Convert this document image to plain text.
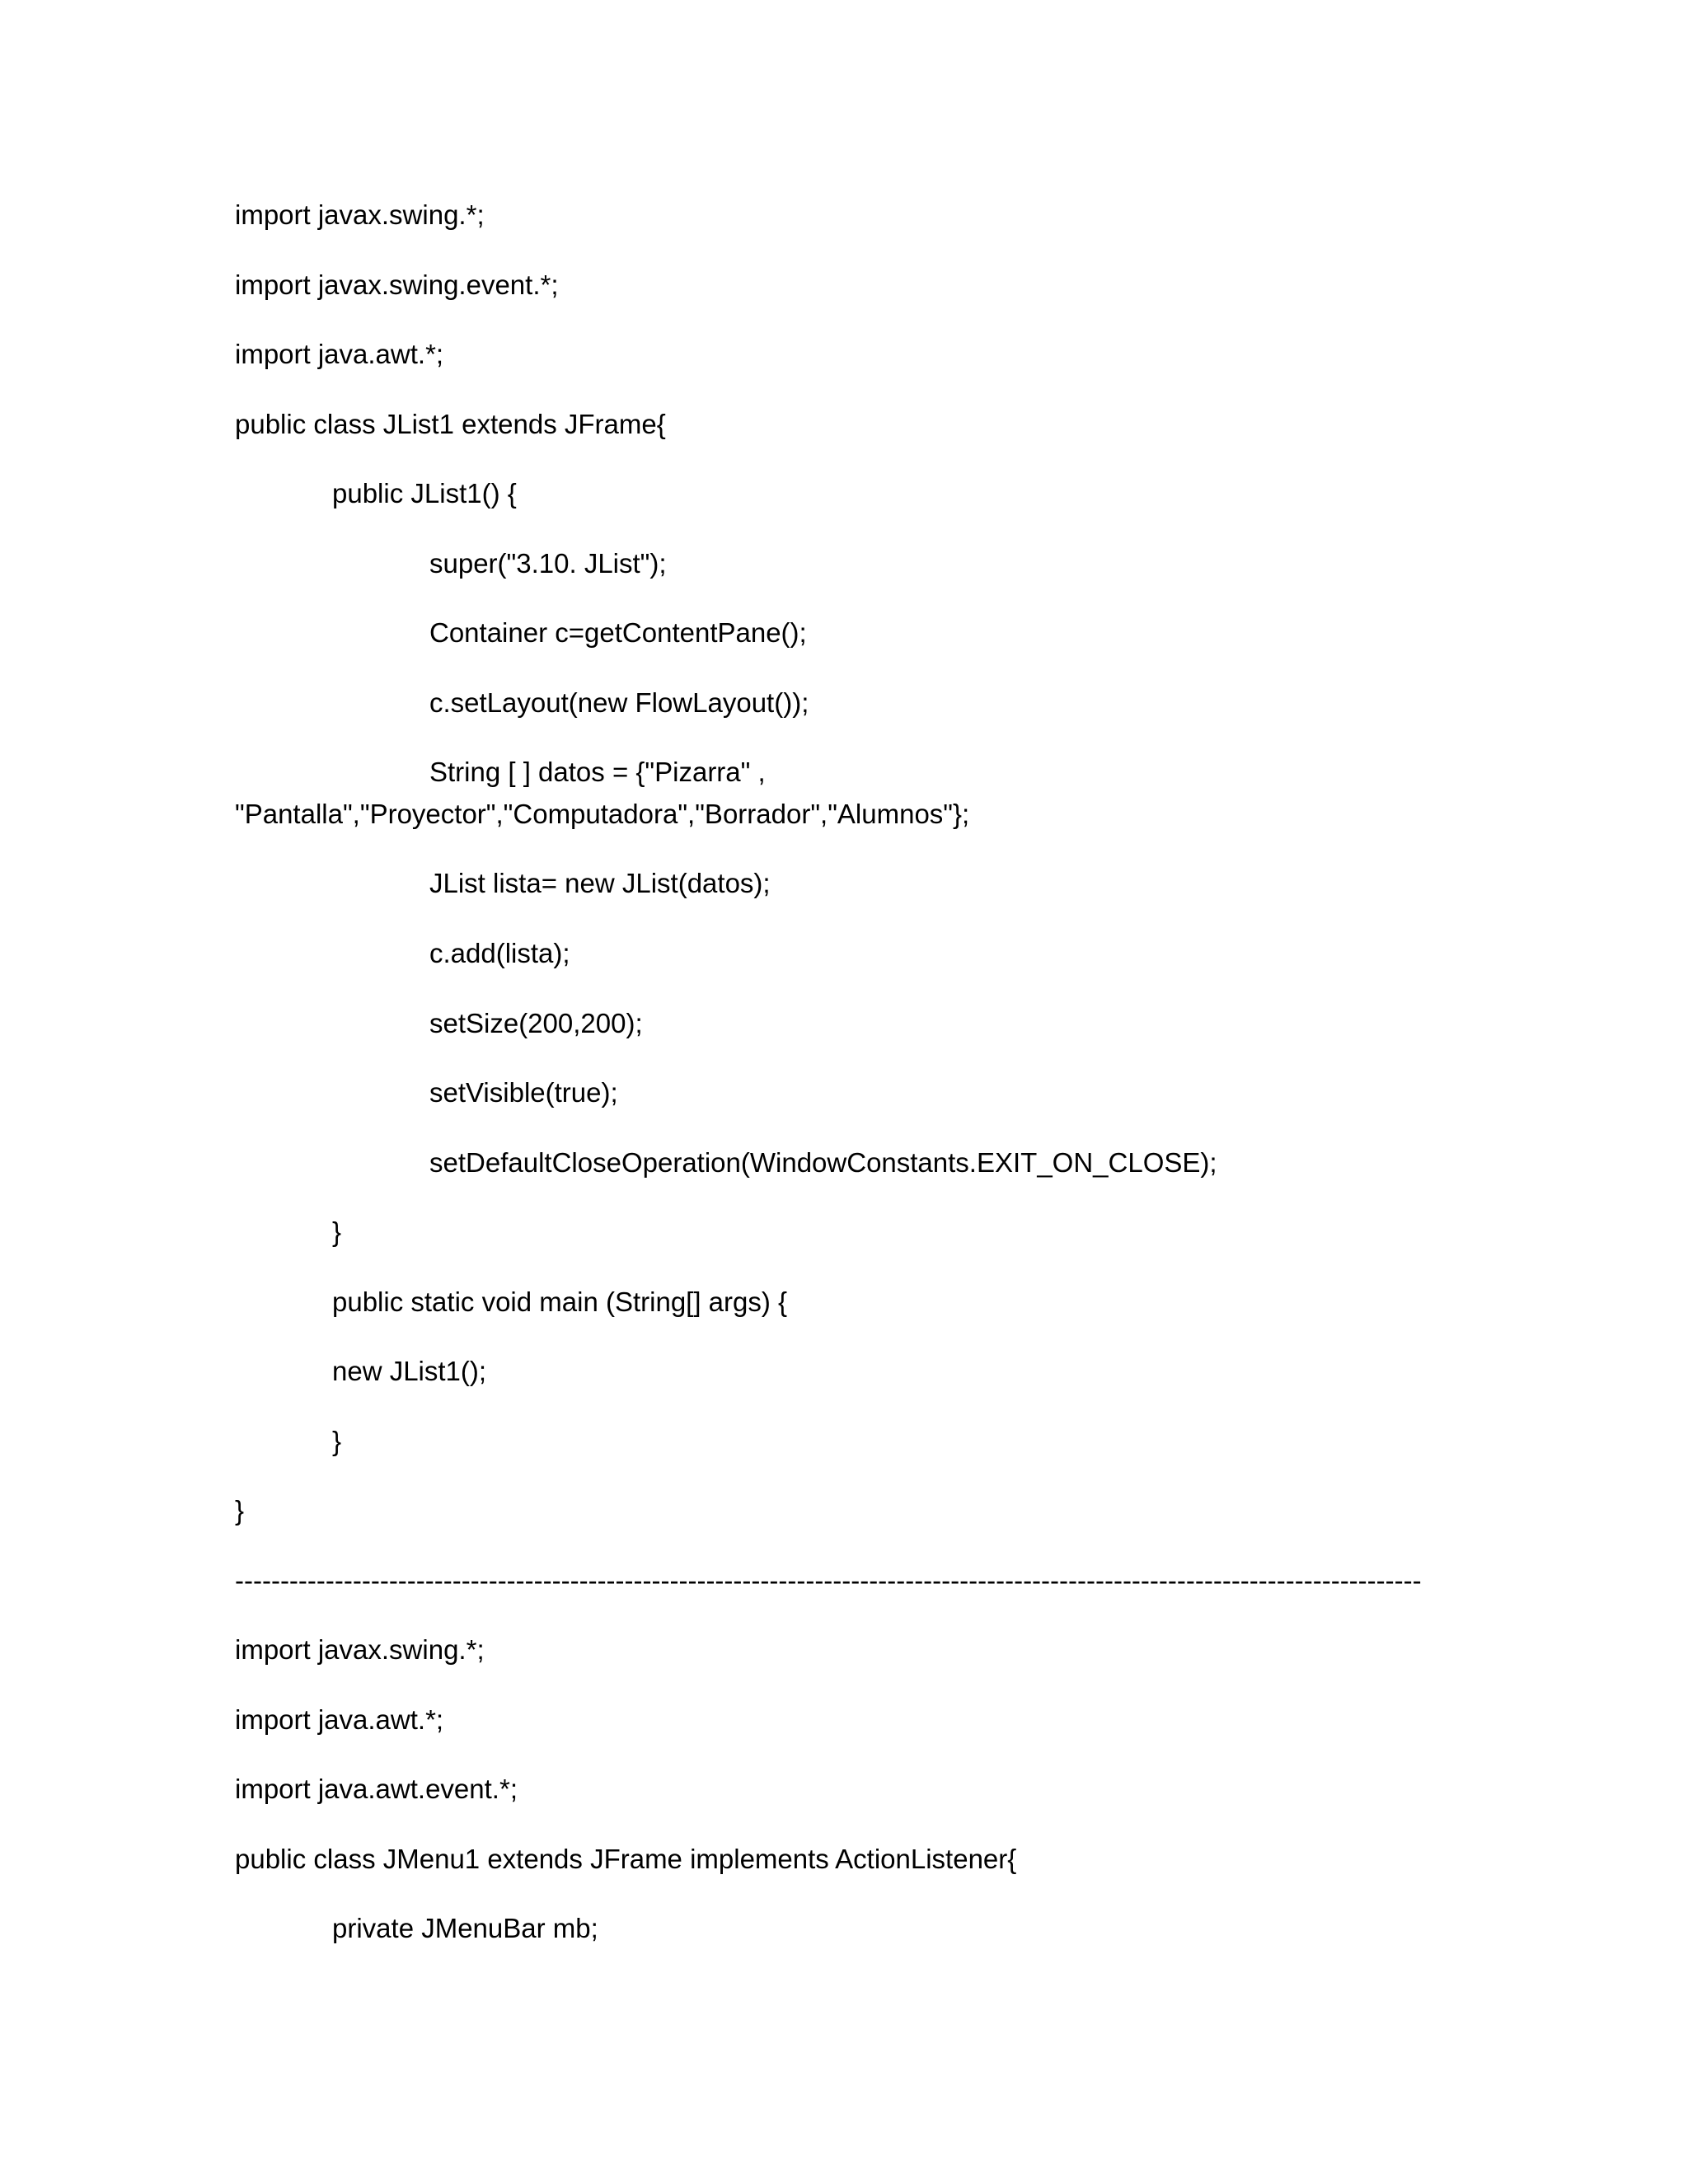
import javax.swing.*;
import javax.swing.event.*;
import java.awt.*;
public class JList1 extends JFrame{
public JList1() {
super("3.10. JList");
Container c=getContentPane();
c.setLayout(new FlowLayout());
String [ ] datos = {"Pizarra" ,
"Pantalla","Proyector","Computadora","Borrador","Alumnos"};
JList lista= new JList(datos);
c.add(lista);
setSize(200,200);
setVisible(true);
setDefaultCloseOperation(WindowConstants.EXIT_ON_CLOSE);
}
public static void main (String[] args) {
new JList1();
}
}
-----------------------------------------------------------------------------------------------------------------------------------
import javax.swing.*;
import java.awt.*;
import java.awt.event.*;
public class JMenu1 extends JFrame implements ActionListener{
private JMenuBar mb;
